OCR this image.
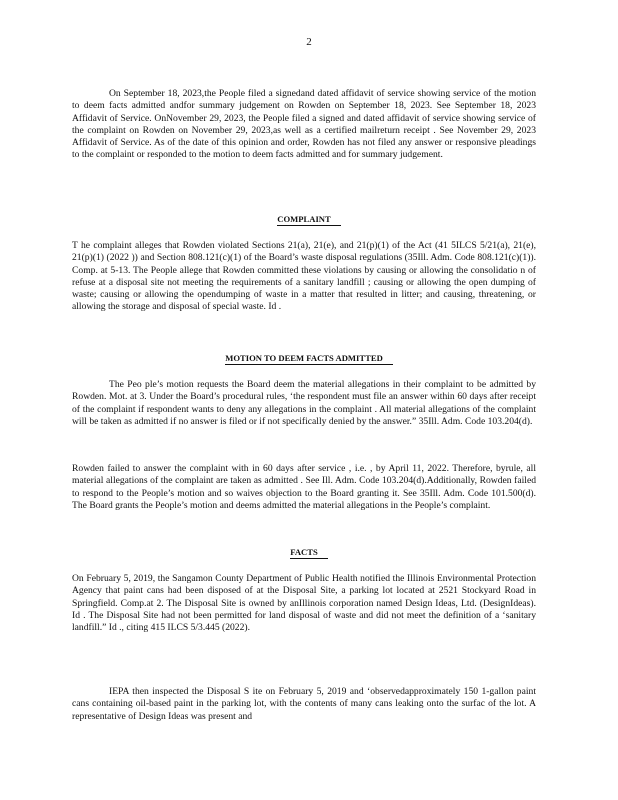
2

On September 18, 2023,the People filed a signedand dated affidavit of service showing service of the motion to deem facts admitted andfor summary judgement on Rowden on September 18, 2023. See September 18, 2023 Affidavit of Service. OnNovember 29, 2023, the People filed a signed and dated affidavit of service showing service of the complaint on Rowden on November 29, 2023,as well as a certified mailreturn receipt . See November 29, 2023 Affidavit of Service. As of the date of this opinion and order, Rowden has not filed any answer or responsive pleadings to the complaint or responded to the motion to deem facts admitted and for summary judgement.

COMPLAINT

T he complaint alleges that Rowden violated Sections 21(a), 21(e), and 21(p)(1) of the Act (41 5ILCS 5/21(a), 21(e), 21(p)(1) (2022 )) and Section 808.121(c)(1) of the Board’s waste disposal regulations (35Ill. Adm. Code 808.121(c)(1)). Comp. at 5-13. The People allege that Rowden committed these violations by causing or allowing the consolidatio n of refuse at a disposal site not meeting the requirements of a sanitary landfill ; causing or allowing the open dumping of waste; causing or allowing the opendumping of waste in a matter that resulted in litter; and causing, threatening, or allowing the storage and disposal of special waste. Id .

MOTION TO DEEM FACTS ADMITTED

The Peo ple’s motion requests the Board deem the material allegations in their complaint to be admitted by Rowden. Mot. at 3. Under the Board’s procedural rules, ‘the respondent must file an answer within 60 days after receipt of the complaint if respondent wants to deny any allegations in the complaint . All material allegations of the complaint will be taken as admitted if no answer is filed or if not specifically denied by the answer.” 35Ill. Adm. Code 103.204(d).

Rowden failed to answer the complaint with in 60 days after service , i.e. , by April 11, 2022. Therefore, byrule, all material allegations of the complaint are taken as admitted . See Ill. Adm. Code 103.204(d).Additionally, Rowden failed to respond to the People’s motion and so waives objection to the Board granting it. See 35Ill. Adm. Code 101.500(d). The Board grants the People’s motion and deems admitted the material allegations in the People’s complaint.

FACTS

On February 5, 2019, the Sangamon County Department of Public Health notified the Illinois Environmental Protection Agency that paint cans had been disposed of at the Disposal Site, a parking lot located at 2521 Stockyard Road in Springfield. Comp.at 2. The Disposal Site is owned by anIllinois corporation named Design Ideas, Ltd. (DesignIdeas). Id . The Disposal Site had not been permitted for land disposal of waste and did not meet the definition of a ‘sanitary landfill.” Id ., citing 415 ILCS 5/3.445 (2022).

IEPA then inspected the Disposal S ite on February 5, 2019 and ‘observedapproximately 150 1-gallon paint cans containing oil-based paint in the parking lot, with the contents of many cans leaking onto the surfac of the lot. A representative of Design Ideas was present and
